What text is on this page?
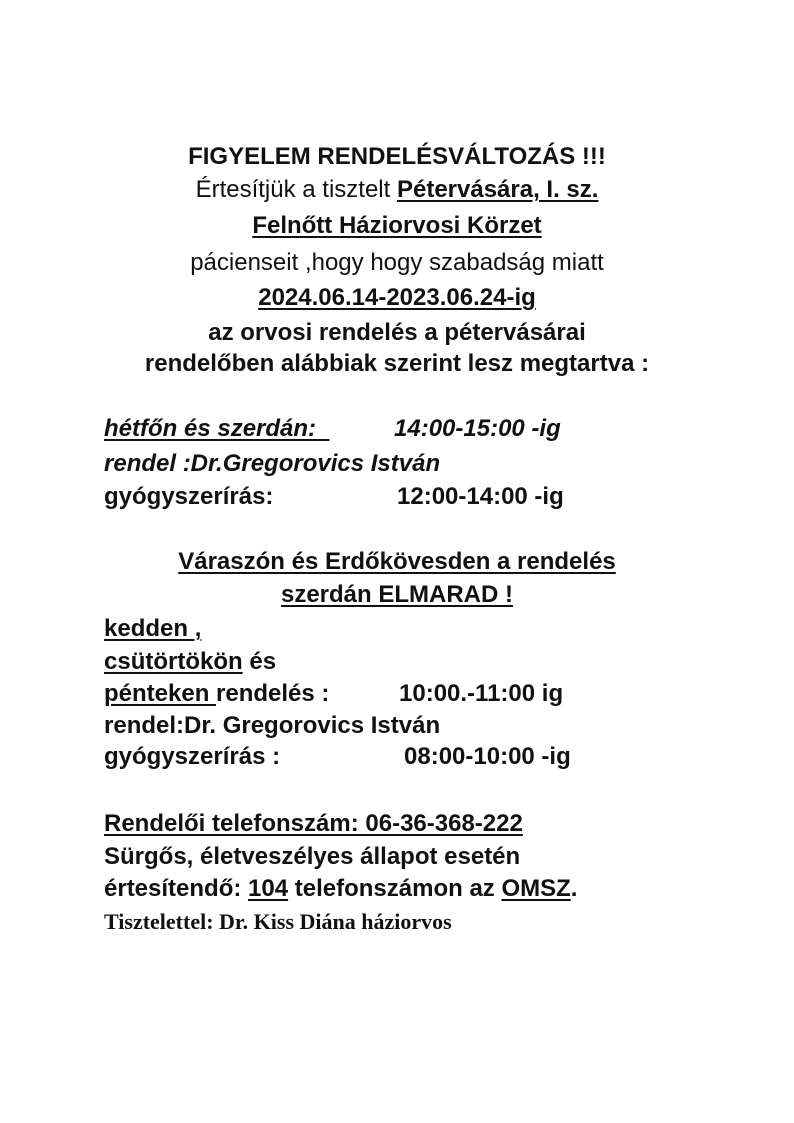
FIGYELEM RENDELÉSVÁLTOZÁS !!!
Értesítjük a tisztelt Pétervására, I. sz.
Felnőtt Háziorvosi Körzet
pácienseit ,hogy hogy szabadság miatt
2024.06.14-2023.06.24-ig
az orvosi rendelés a pétervásárai
rendelőben alábbiak szerint lesz megtartva :
hétfőn és szerdán:	14:00-15:00 -ig
rendel :Dr.Gregorovics István
gyógyszerírás:	12:00-14:00 -ig
Váraszón és Erdőkövesden a rendelés
szerdán ELMARAD !
kedden ,
csütörtökön és
pénteken rendelés :	10:00.-11:00 ig
rendel:Dr. Gregorovics István
gyógyszerírás :	08:00-10:00 -ig
Rendelői telefonszám: 06-36-368-222
Sürgős, életveszélyes állapot esetén
értesítendő: 104 telefonszámon az OMSZ.
Tisztelettel: Dr. Kiss Diána háziorvos
